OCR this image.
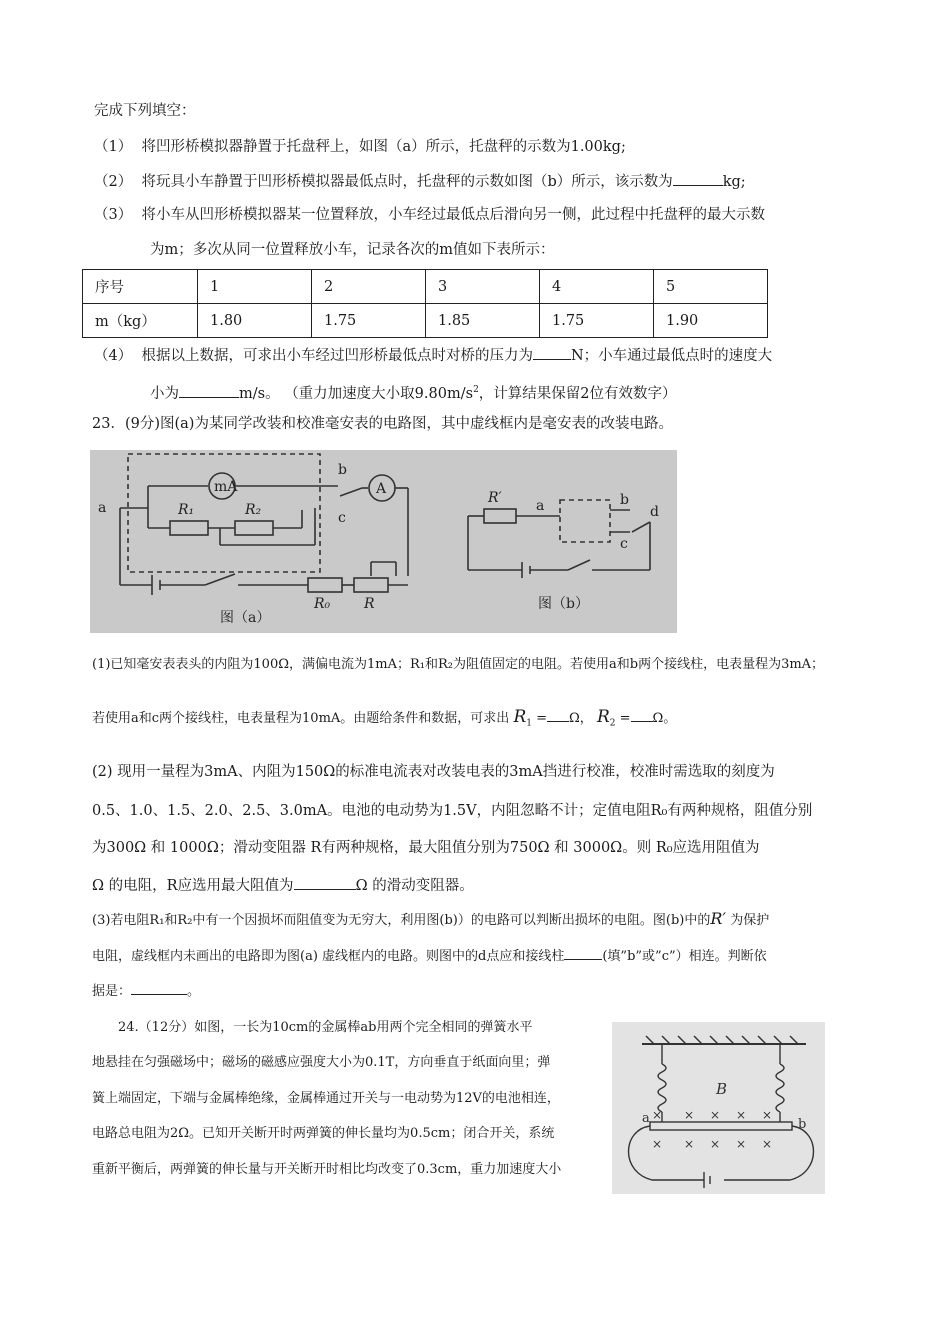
完成下列填空：
（1） 将凹形桥模拟器静置于托盘秤上，如图（a）所示，托盘秤的示数为1.00kg;
（2） 将玩具小车静置于凹形桥模拟器最低点时，托盘秤的示数如图（b）所示，该示数为	kg;
（3） 将小车从凹形桥模拟器某一位置释放，小车经过最低点后滑向另一侧，此过程中托盘秤的最大示数
为m；多次从同一位置释放小车，记录各次的m值如下表所示：
序号	1	2	3	4	5
m（kg）	1.80	1.75	1.85	1.75	1.90
（4） 根据以上数据，可求出小车经过凹形桥最低点时对桥的压力为	N；小车通过最低点时的速度大
小为	m/s。 （重力加速度大小取$9.80m/s^2$，计算结果保留2位有效数字）
23．(9分)图(a)为某同学改装和校准毫安表的电路图，其中虚线框内是毫安表的改装电路。
mA	A
a
b
c
R₁	R₂
R₀ R
图（a）
R′ a	b
c
d
图（b）
(1)已知毫安表表头的内阻为100Ω，满偏电流为1mA；R₁和R₂为阻值固定的电阻。若使用a和b两个接线柱，电表量程为3mA；
若使用a和c两个接线柱，电表量程为10mA。由题给条件和数据，可求出 $R_1 = \Omega$， $R_2 = \Omega$。
(2) 现用一量程为3mA、内阻为150Ω的标准电流表对改装电表的3mA挡进行校准，校准时需选取的刻度为
0.5、1.0、1.5、2.0、2.5、3.0mA。电池的电动势为1.5V，内阻忽略不计；定值电阻R₀有两种规格，阻值分别
为300Ω 和 1000Ω；滑动变阻器 R有两种规格，最大阻值分别为750Ω 和 3000Ω。则 R₀应选用阻值为
Ω 的电阻，R应选用最大阻值为	Ω 的滑动变阻器。
(3)若电阻R₁和R₂中有一个因损坏而阻值变为无穷大，利用图(b)）的电路可以判断出损坏的电阻。图(b)中的R′ 为保护
电阻，虚线框内未画出的电路即为图(a) 虚线框内的电路。则图中的d点应和接线柱	(填”b”或”c”）相连。判断依
据是：	。
24.（12分）如图，一长为10cm的金属棒ab用两个完全相同的弹簧水平
地悬挂在匀强磁场中；磁场的磁感应强度大小为0.1T，方向垂直于纸面向里；弹
簧上端固定，下端与金属棒绝缘，金属棒通过开关与一电动势为12V的电池相连，
电路总电阻为2Ω。已知开关断开时两弹簧的伸长量均为0.5cm；闭合开关，系统
重新平衡后，两弹簧的伸长量与开关断开时相比均改变了0.3cm，重力加速度大小
B
a	b
× × × × ×
× × × × ×
